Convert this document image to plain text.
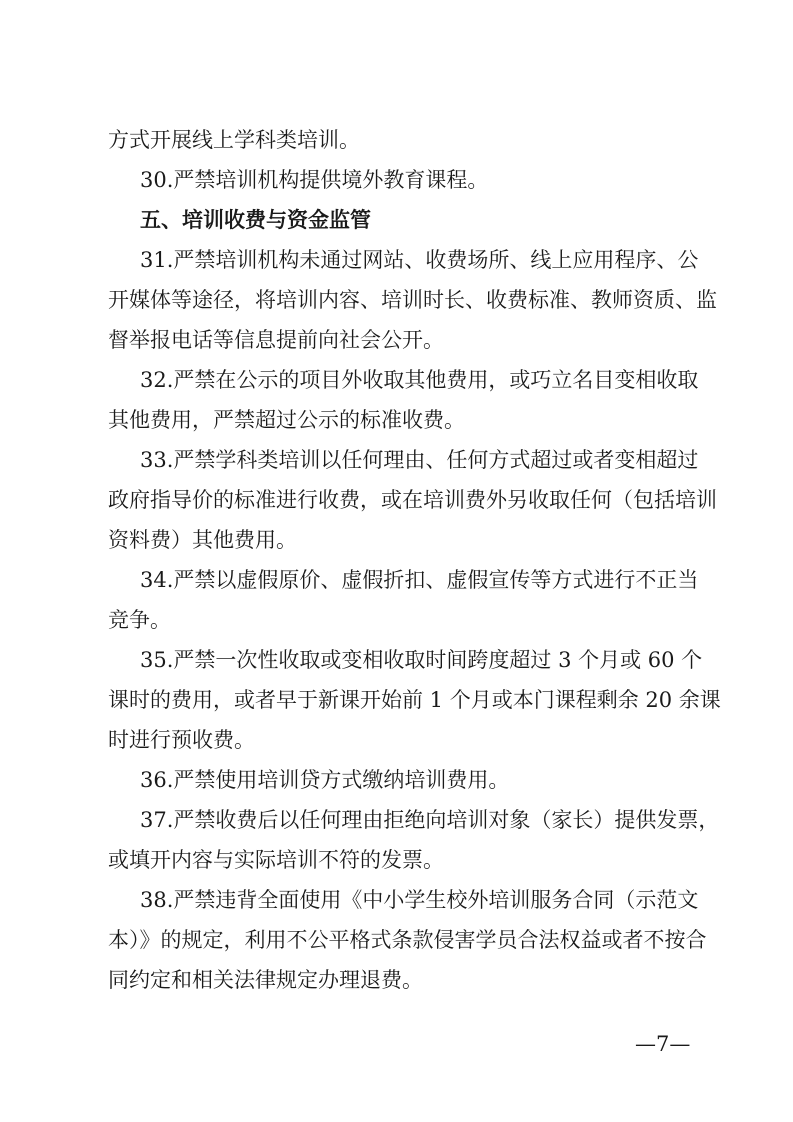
方式开展线上学科类培训。
30.严禁培训机构提供境外教育课程。
五、培训收费与资金监管
31.严禁培训机构未通过网站、收费场所、线上应用程序、公
开媒体等途径，将培训内容、培训时长、收费标准、教师资质、监
督举报电话等信息提前向社会公开。
32.严禁在公示的项目外收取其他费用，或巧立名目变相收取
其他费用，严禁超过公示的标准收费。
33.严禁学科类培训以任何理由、任何方式超过或者变相超过
政府指导价的标准进行收费，或在培训费外另收取任何（包括培训
资料费）其他费用。
34.严禁以虚假原价、虚假折扣、虚假宣传等方式进行不正当
竞争。
35.严禁一次性收取或变相收取时间跨度超过 3 个月或 60 个
课时的费用，或者早于新课开始前 1 个月或本门课程剩余 20 余课
时进行预收费。
36.严禁使用培训贷方式缴纳培训费用。
37.严禁收费后以任何理由拒绝向培训对象（家长）提供发票，
或填开内容与实际培训不符的发票。
38.严禁违背全面使用《中小学生校外培训服务合同（示范文
本）》的规定，利用不公平格式条款侵害学员合法权益或者不按合
同约定和相关法律规定办理退费。
—7—
